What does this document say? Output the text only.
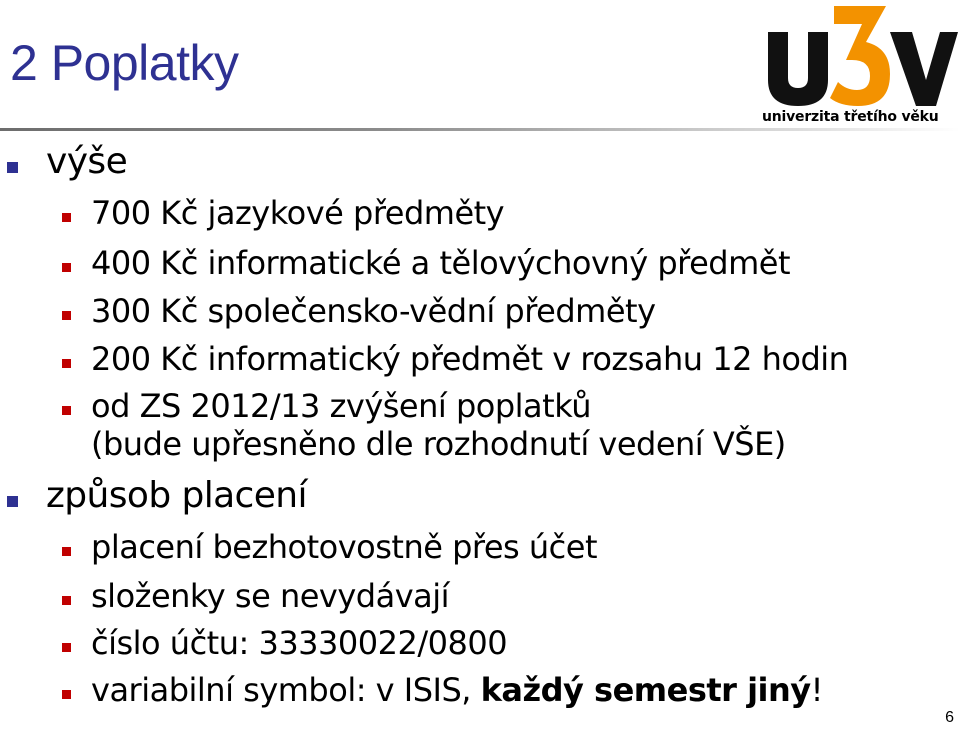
2 Poplatky
univerzita třetího věku
výše
700 Kč jazykové předměty
400 Kč informatické a tělovýchovný předmět
300 Kč společensko-vědní předměty
200 Kč informatický předmět v rozsahu 12 hodin
od ZS 2012/13 zvýšení poplatků
(bude upřesněno dle rozhodnutí vedení VŠE)
způsob placení
placení bezhotovostně přes účet
složenky se nevydávají
číslo účtu: 33330022/0800
variabilní symbol: v ISIS, každý semestr jiný!
6
